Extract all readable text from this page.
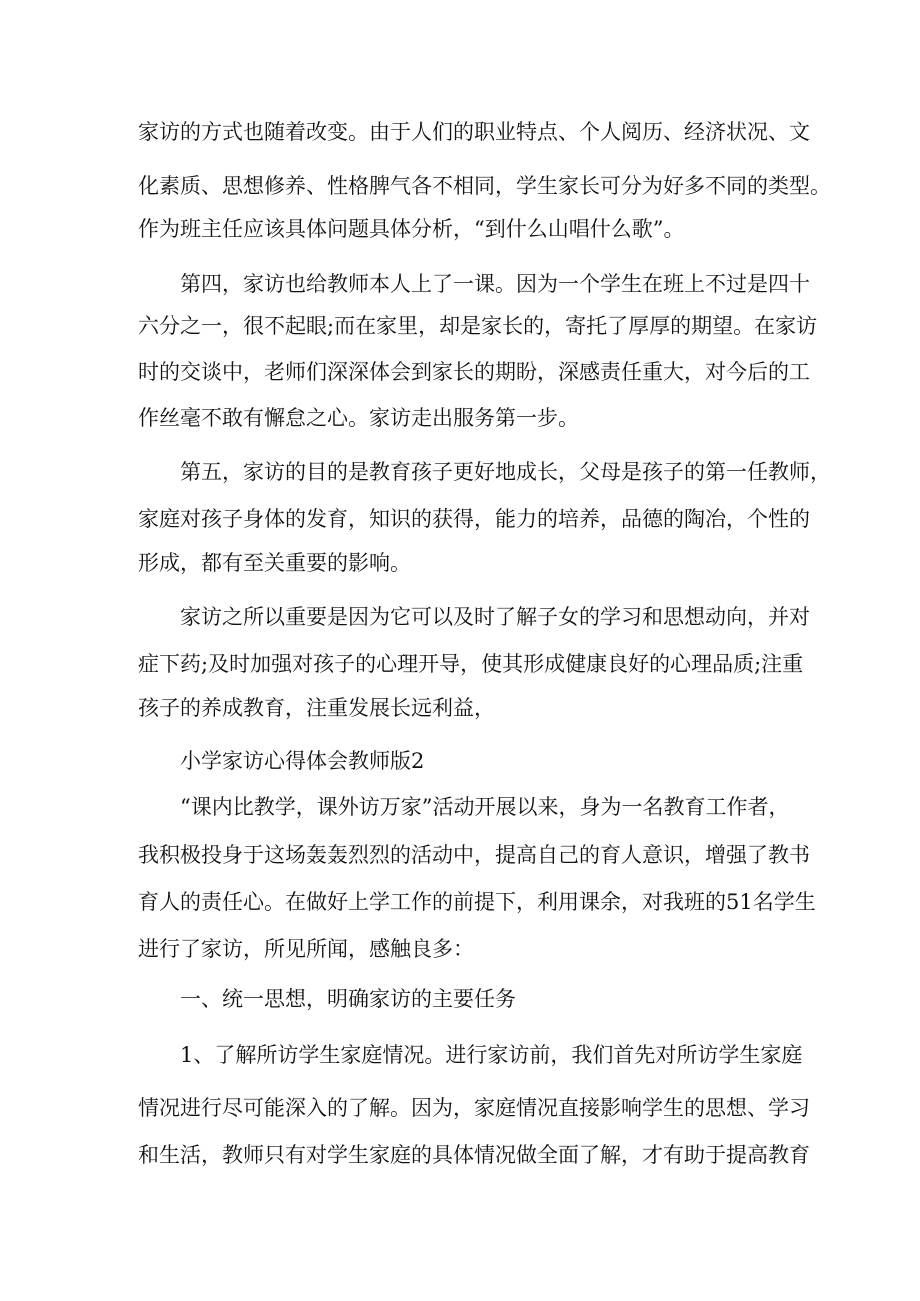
家访的方式也随着改变。由于人们的职业特点、个人阅历、经济状况、文
化素质、思想修养、性格脾气各不相同，学生家长可分为好多不同的类型。
作为班主任应该具体问题具体分析，“到什么山唱什么歌”。
第四，家访也给教师本人上了一课。因为一个学生在班上不过是四十
六分之一，很不起眼;而在家里，却是家长的，寄托了厚厚的期望。在家访
时的交谈中，老师们深深体会到家长的期盼，深感责任重大，对今后的工
作丝毫不敢有懈怠之心。家访走出服务第一步。
第五，家访的目的是教育孩子更好地成长，父母是孩子的第一任教师，
家庭对孩子身体的发育，知识的获得，能力的培养，品德的陶冶，个性的
形成，都有至关重要的影响。
家访之所以重要是因为它可以及时了解子女的学习和思想动向，并对
症下药;及时加强对孩子的心理开导，使其形成健康良好的心理品质;注重
孩子的养成教育，注重发展长远利益，
小学家访心得体会教师版2
“课内比教学，课外访万家”活动开展以来，身为一名教育工作者，
我积极投身于这场轰轰烈烈的活动中，提高自己的育人意识，增强了教书
育人的责任心。在做好上学工作的前提下，利用课余，对我班的51名学生
进行了家访，所见所闻，感触良多：
一、统一思想，明确家访的主要任务
1、了解所访学生家庭情况。进行家访前，我们首先对所访学生家庭
情况进行尽可能深入的了解。因为，家庭情况直接影响学生的思想、学习
和生活，教师只有对学生家庭的具体情况做全面了解，才有助于提高教育
